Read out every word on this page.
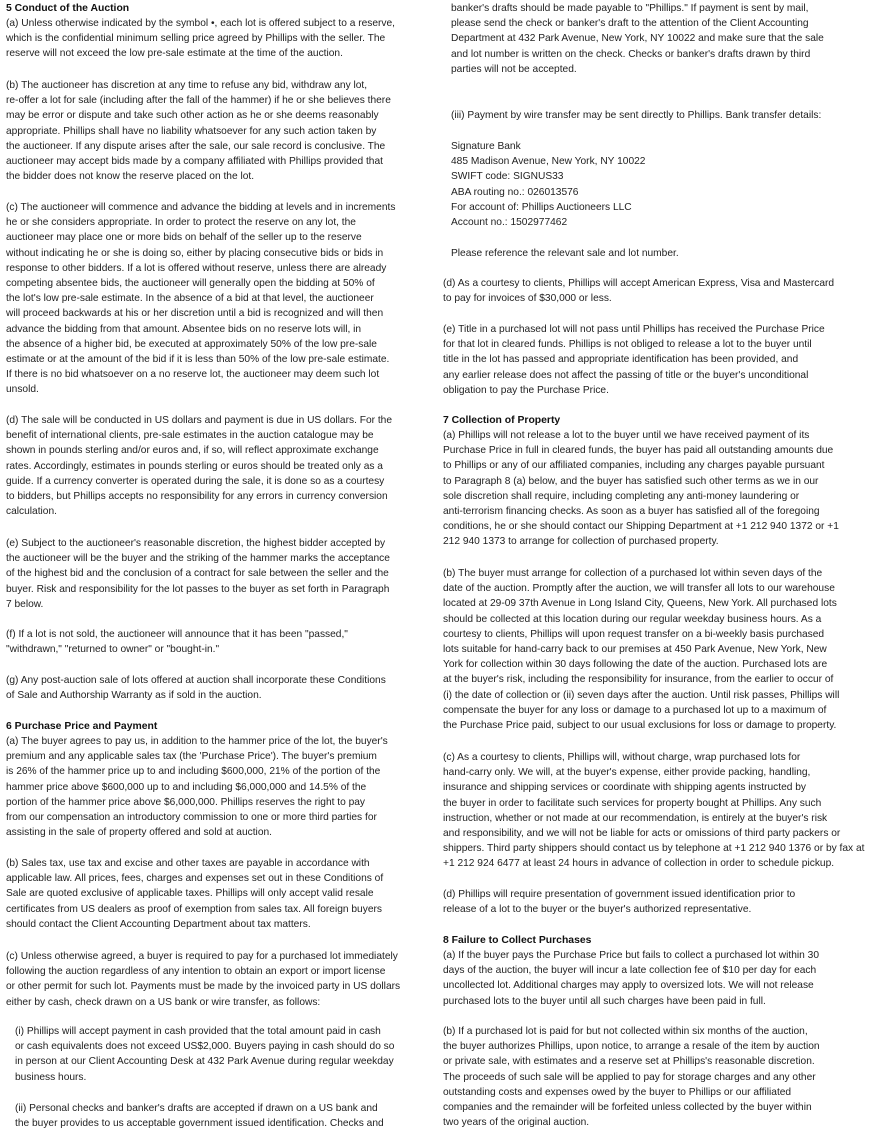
5 Conduct of the Auction

(a) Unless otherwise indicated by the symbol •, each lot is offered subject to a reserve,
which is the confidential minimum selling price agreed by Phillips with the seller. The
reserve will not exceed the low pre-sale estimate at the time of the auction.

(b) The auctioneer has discretion at any time to refuse any bid, withdraw any lot,
re-offer a lot for sale (including after the fall of the hammer) if he or she believes there
may be error or dispute and take such other action as he or she deems reasonably
appropriate. Phillips shall have no liability whatsoever for any such action taken by
the auctioneer. If any dispute arises after the sale, our sale record is conclusive. The
auctioneer may accept bids made by a company affiliated with Phillips provided that
the bidder does not know the reserve placed on the lot.

(c) The auctioneer will commence and advance the bidding at levels and in increments
he or she considers appropriate. In order to protect the reserve on any lot, the
auctioneer may place one or more bids on behalf of the seller up to the reserve
without indicating he or she is doing so, either by placing consecutive bids or bids in
response to other bidders. If a lot is offered without reserve, unless there are already
competing absentee bids, the auctioneer will generally open the bidding at 50% of
the lot's low pre-sale estimate. In the absence of a bid at that level, the auctioneer
will proceed backwards at his or her discretion until a bid is recognized and will then
advance the bidding from that amount. Absentee bids on no reserve lots will, in
the absence of a higher bid, be executed at approximately 50% of the low pre-sale
estimate or at the amount of the bid if it is less than 50% of the low pre-sale estimate.
If there is no bid whatsoever on a no reserve lot, the auctioneer may deem such lot
unsold.

(d) The sale will be conducted in US dollars and payment is due in US dollars. For the
benefit of international clients, pre-sale estimates in the auction catalogue may be
shown in pounds sterling and/or euros and, if so, will reflect approximate exchange
rates. Accordingly, estimates in pounds sterling or euros should be treated only as a
guide. If a currency converter is operated during the sale, it is done so as a courtesy
to bidders, but Phillips accepts no responsibility for any errors in currency conversion
calculation.

(e) Subject to the auctioneer's reasonable discretion, the highest bidder accepted by
the auctioneer will be the buyer and the striking of the hammer marks the acceptance
of the highest bid and the conclusion of a contract for sale between the seller and the
buyer. Risk and responsibility for the lot passes to the buyer as set forth in Paragraph
7 below.

(f) If a lot is not sold, the auctioneer will announce that it has been "passed,"
"withdrawn," "returned to owner" or "bought-in."

(g) Any post-auction sale of lots offered at auction shall incorporate these Conditions
of Sale and Authorship Warranty as if sold in the auction.

6 Purchase Price and Payment

(a) The buyer agrees to pay us, in addition to the hammer price of the lot, the buyer's
premium and any applicable sales tax (the 'Purchase Price'). The buyer's premium
is 26% of the hammer price up to and including $600,000, 21% of the portion of the
hammer price above $600,000 up to and including $6,000,000 and 14.5% of the
portion of the hammer price above $6,000,000. Phillips reserves the right to pay
from our compensation an introductory commission to one or more third parties for
assisting in the sale of property offered and sold at auction.

(b) Sales tax, use tax and excise and other taxes are payable in accordance with
applicable law. All prices, fees, charges and expenses set out in these Conditions of
Sale are quoted exclusive of applicable taxes. Phillips will only accept valid resale
certificates from US dealers as proof of exemption from sales tax. All foreign buyers
should contact the Client Accounting Department about tax matters.

(c) Unless otherwise agreed, a buyer is required to pay for a purchased lot immediately
following the auction regardless of any intention to obtain an export or import license
or other permit for such lot. Payments must be made by the invoiced party in US dollars
either by cash, check drawn on a US bank or wire transfer, as follows:

(i) Phillips will accept payment in cash provided that the total amount paid in cash
or cash equivalents does not exceed US$2,000. Buyers paying in cash should do so
in person at our Client Accounting Desk at 432 Park Avenue during regular weekday
business hours.

(ii) Personal checks and banker's drafts are accepted if drawn on a US bank and
the buyer provides to us acceptable government issued identification. Checks and

banker's drafts should be made payable to "Phillips." If payment is sent by mail,
please send the check or banker's draft to the attention of the Client Accounting
Department at 432 Park Avenue, New York, NY 10022 and make sure that the sale
and lot number is written on the check. Checks or banker's drafts drawn by third
parties will not be accepted.

(iii) Payment by wire transfer may be sent directly to Phillips. Bank transfer details:

Signature Bank
485 Madison Avenue, New York, NY 10022
SWIFT code: SIGNUS33
ABA routing no.: 026013576
For account of: Phillips Auctioneers LLC
Account no.: 1502977462

Please reference the relevant sale and lot number.

(d) As a courtesy to clients, Phillips will accept American Express, Visa and Mastercard
to pay for invoices of $30,000 or less.

(e) Title in a purchased lot will not pass until Phillips has received the Purchase Price
for that lot in cleared funds. Phillips is not obliged to release a lot to the buyer until
title in the lot has passed and appropriate identification has been provided, and
any earlier release does not affect the passing of title or the buyer's unconditional
obligation to pay the Purchase Price.

7 Collection of Property

(a) Phillips will not release a lot to the buyer until we have received payment of its
Purchase Price in full in cleared funds, the buyer has paid all outstanding amounts due
to Phillips or any of our affiliated companies, including any charges payable pursuant
to Paragraph 8 (a) below, and the buyer has satisfied such other terms as we in our
sole discretion shall require, including completing any anti-money laundering or
anti-terrorism financing checks. As soon as a buyer has satisfied all of the foregoing
conditions, he or she should contact our Shipping Department at +1 212 940 1372 or +1
212 940 1373 to arrange for collection of purchased property.

(b) The buyer must arrange for collection of a purchased lot within seven days of the
date of the auction. Promptly after the auction, we will transfer all lots to our warehouse
located at 29-09 37th Avenue in Long Island City, Queens, New York. All purchased lots
should be collected at this location during our regular weekday business hours. As a
courtesy to clients, Phillips will upon request transfer on a bi-weekly basis purchased
lots suitable for hand-carry back to our premises at 450 Park Avenue, New York, New
York for collection within 30 days following the date of the auction. Purchased lots are
at the buyer's risk, including the responsibility for insurance, from the earlier to occur of
(i) the date of collection or (ii) seven days after the auction. Until risk passes, Phillips will
compensate the buyer for any loss or damage to a purchased lot up to a maximum of
the Purchase Price paid, subject to our usual exclusions for loss or damage to property.

(c) As a courtesy to clients, Phillips will, without charge, wrap purchased lots for
hand-carry only. We will, at the buyer's expense, either provide packing, handling,
insurance and shipping services or coordinate with shipping agents instructed by
the buyer in order to facilitate such services for property bought at Phillips. Any such
instruction, whether or not made at our recommendation, is entirely at the buyer's risk
and responsibility, and we will not be liable for acts or omissions of third party packers or
shippers. Third party shippers should contact us by telephone at +1 212 940 1376 or by fax at
+1 212 924 6477 at least 24 hours in advance of collection in order to schedule pickup.

(d) Phillips will require presentation of government issued identification prior to
release of a lot to the buyer or the buyer's authorized representative.

8 Failure to Collect Purchases

(a) If the buyer pays the Purchase Price but fails to collect a purchased lot within 30
days of the auction, the buyer will incur a late collection fee of $10 per day for each
uncollected lot. Additional charges may apply to oversized lots. We will not release
purchased lots to the buyer until all such charges have been paid in full.

(b) If a purchased lot is paid for but not collected within six months of the auction,
the buyer authorizes Phillips, upon notice, to arrange a resale of the item by auction
or private sale, with estimates and a reserve set at Phillips's reasonable discretion.
The proceeds of such sale will be applied to pay for storage charges and any other
outstanding costs and expenses owed by the buyer to Phillips or our affiliated
companies and the remainder will be forfeited unless collected by the buyer within
two years of the original auction.
